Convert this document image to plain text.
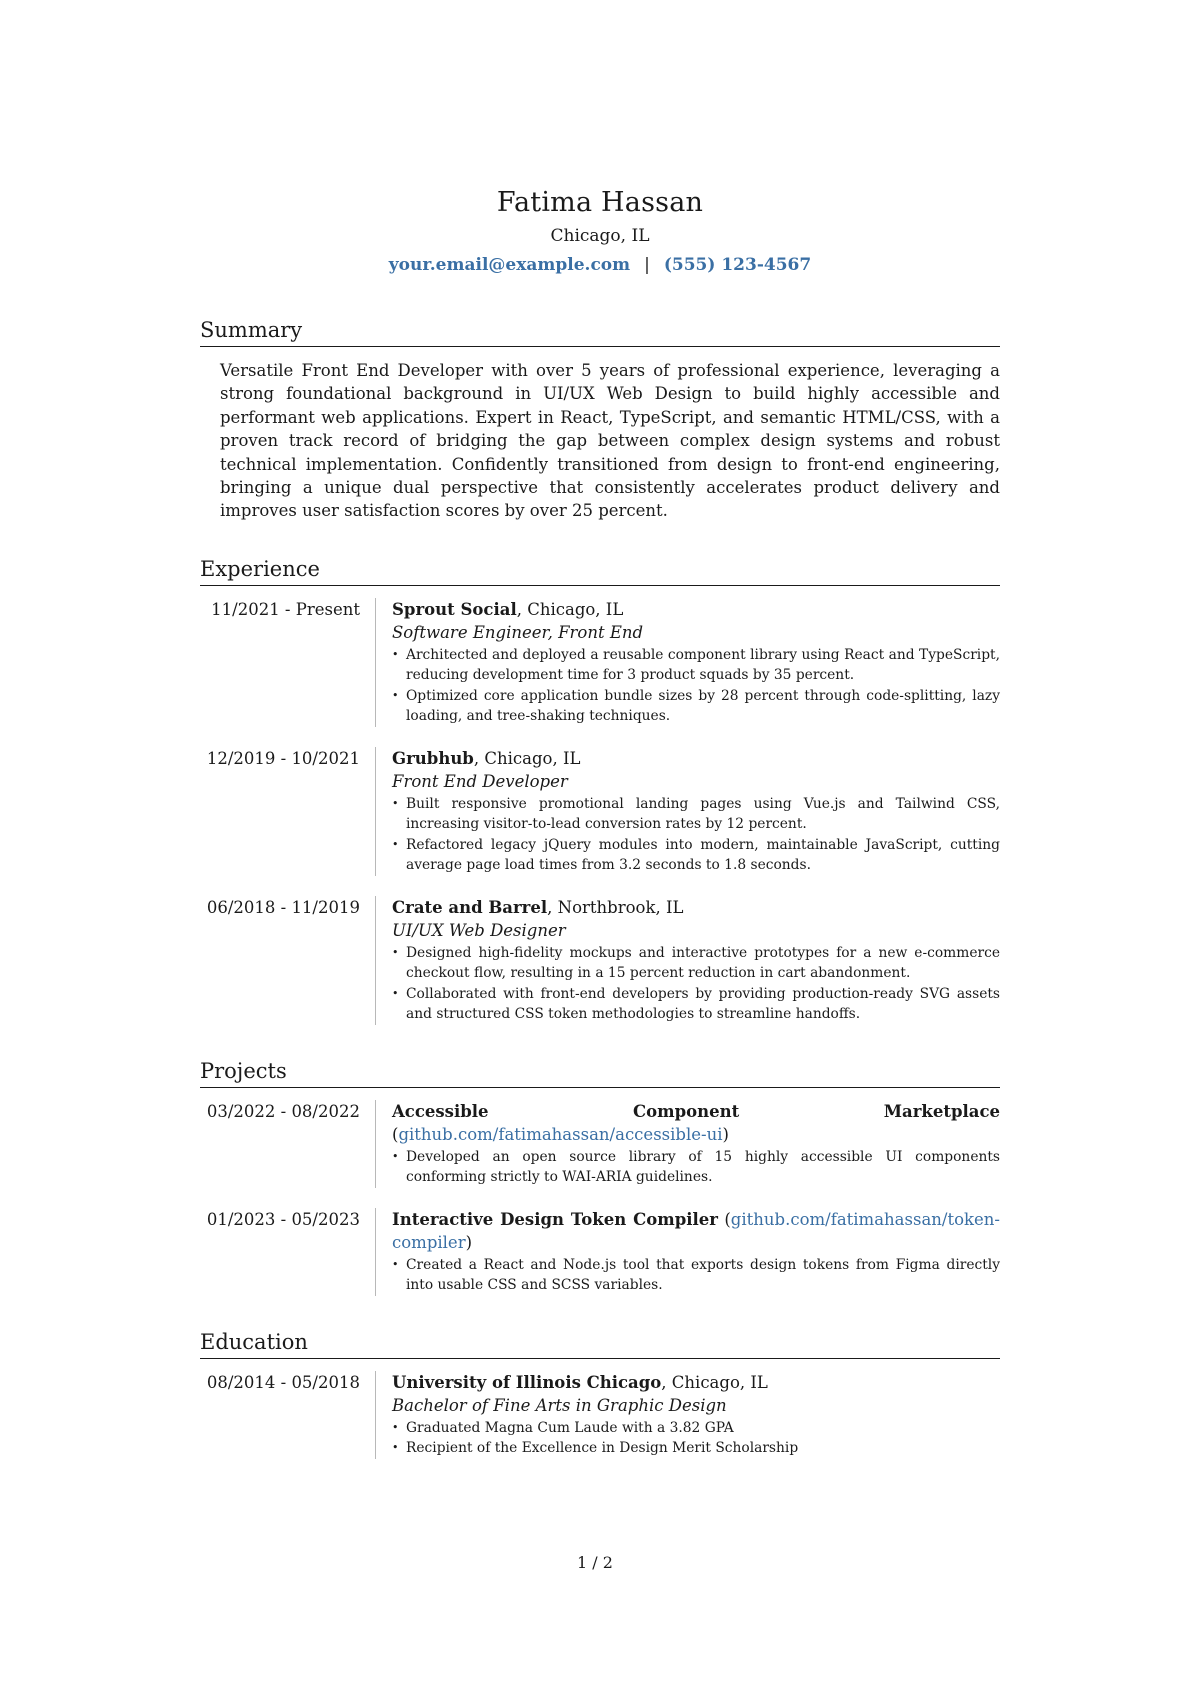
Fatima Hassan
Chicago, IL
your.email@example.com | (555) 123-4567
Summary

Versatile Front End Developer with over 5 years of professional experience, leveraging a strong foundational background in UI/UX Web Design to build highly accessible and performant web applications. Expert in React, TypeScript, and semantic HTML/CSS, with a proven track record of bridging the gap between complex design systems and robust technical implementation. Confidently transitioned from design to front-end engineering, bringing a unique dual perspective that consistently accelerates product delivery and improves user satisfaction scores by over 25 percent.

Experience
11/2021 - Present	Sprout Social, Chicago, IL
Software Engineer, Front End
• Architected and deployed a reusable component library using React and TypeScript, reducing development time for 3 product squads by 35 percent.
• Optimized core application bundle sizes by 28 percent through code-splitting, lazy loading, and tree-shaking techniques.
12/2019 - 10/2021	Grubhub, Chicago, IL
Front End Developer
• Built responsive promotional landing pages using Vue.js and Tailwind CSS, increasing visitor-to-lead conversion rates by 12 percent.
• Refactored legacy jQuery modules into modern, maintainable JavaScript, cutting average page load times from 3.2 seconds to 1.8 seconds.
06/2018 - 11/2019	Crate and Barrel, Northbrook, IL
UI/UX Web Designer
• Designed high-fidelity mockups and interactive prototypes for a new e-commerce checkout flow, resulting in a 15 percent reduction in cart abandonment.
• Collaborated with front-end developers by providing production-ready SVG assets and structured CSS token methodologies to streamline handoffs.
Projects
03/2022 - 08/2022	Accessible Component Marketplace (github.com/fatimahassan/accessible-ui)
• Developed an open source library of 15 highly accessible UI components conforming strictly to WAI-ARIA guidelines.
01/2023 - 05/2023	Interactive Design Token Compiler (github.com/fatimahassan/token-compiler)
• Created a React and Node.js tool that exports design tokens from Figma directly into usable CSS and SCSS variables.
Education
08/2014 - 05/2018	University of Illinois Chicago, Chicago, IL
Bachelor of Fine Arts in Graphic Design
• Graduated Magna Cum Laude with a 3.82 GPA
• Recipient of the Excellence in Design Merit Scholarship
1 / 2
